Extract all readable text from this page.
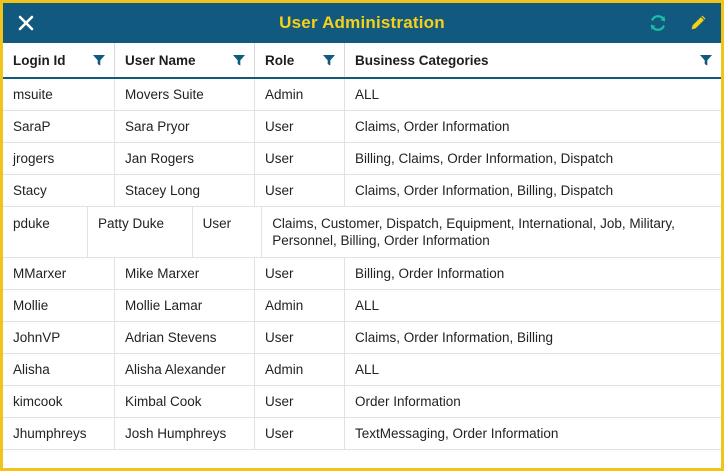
User Administration
Login Id	User Name	Role	Business Categories
msuite	Movers Suite	Admin	ALL
SaraP	Sara Pryor	User	Claims, Order Information
jrogers	Jan Rogers	User	Billing, Claims, Order Information, Dispatch
Stacy	Stacey Long	User	Claims, Order Information, Billing, Dispatch
pduke	Patty Duke	User	Claims, Customer, Dispatch, Equipment, International, Job, Military, Personnel, Billing, Order Information
MMarxer	Mike Marxer	User	Billing, Order Information
Mollie	Mollie Lamar	Admin	ALL
JohnVP	Adrian Stevens	User	Claims, Order Information, Billing
Alisha	Alisha Alexander	Admin	ALL
kimcook	Kimbal Cook	User	Order Information
Jhumphreys	Josh Humphreys	User	TextMessaging, Order Information
